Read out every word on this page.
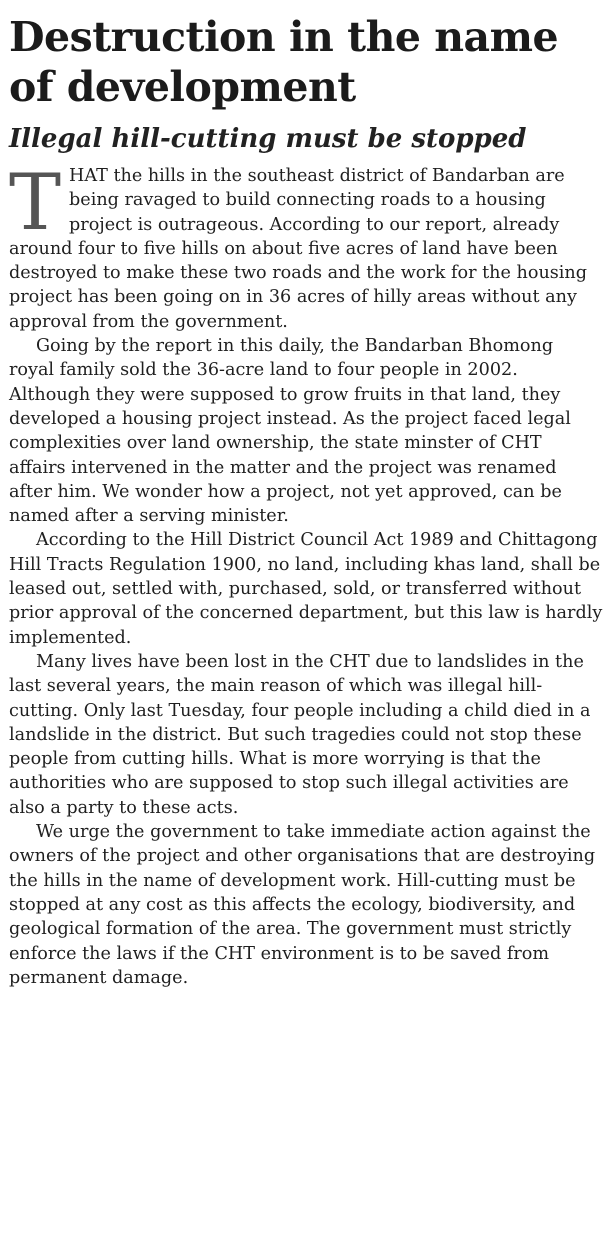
Destruction in the name of development
Illegal hill-cutting must be stopped

THAT the hills in the southeast district of Bandarban are being ravaged to build connecting roads to a housing project is outrageous. According to our report, already around four to five hills on about five acres of land have been destroyed to make these two roads and the work for the housing project has been going on in 36 acres of hilly areas without any approval from the government.

Going by the report in this daily, the Bandarban Bhomong royal family sold the 36-acre land to four people in 2002. Although they were supposed to grow fruits in that land, they developed a housing project instead. As the project faced legal complexities over land ownership, the state minster of CHT affairs intervened in the matter and the project was renamed after him. We wonder how a project, not yet approved, can be named after a serving minister.

According to the Hill District Council Act 1989 and Chittagong Hill Tracts Regulation 1900, no land, including khas land, shall be leased out, settled with, purchased, sold, or transferred without prior approval of the concerned department, but this law is hardly implemented.

Many lives have been lost in the CHT due to landslides in the last several years, the main reason of which was illegal hill-cutting. Only last Tuesday, four people including a child died in a landslide in the district. But such tragedies could not stop these people from cutting hills. What is more worrying is that the authorities who are supposed to stop such illegal activities are also a party to these acts.

We urge the government to take immediate action against the owners of the project and other organisations that are destroying the hills in the name of development work. Hill-cutting must be stopped at any cost as this affects the ecology, biodiversity, and geological formation of the area. The government must strictly enforce the laws if the CHT environment is to be saved from permanent damage.
